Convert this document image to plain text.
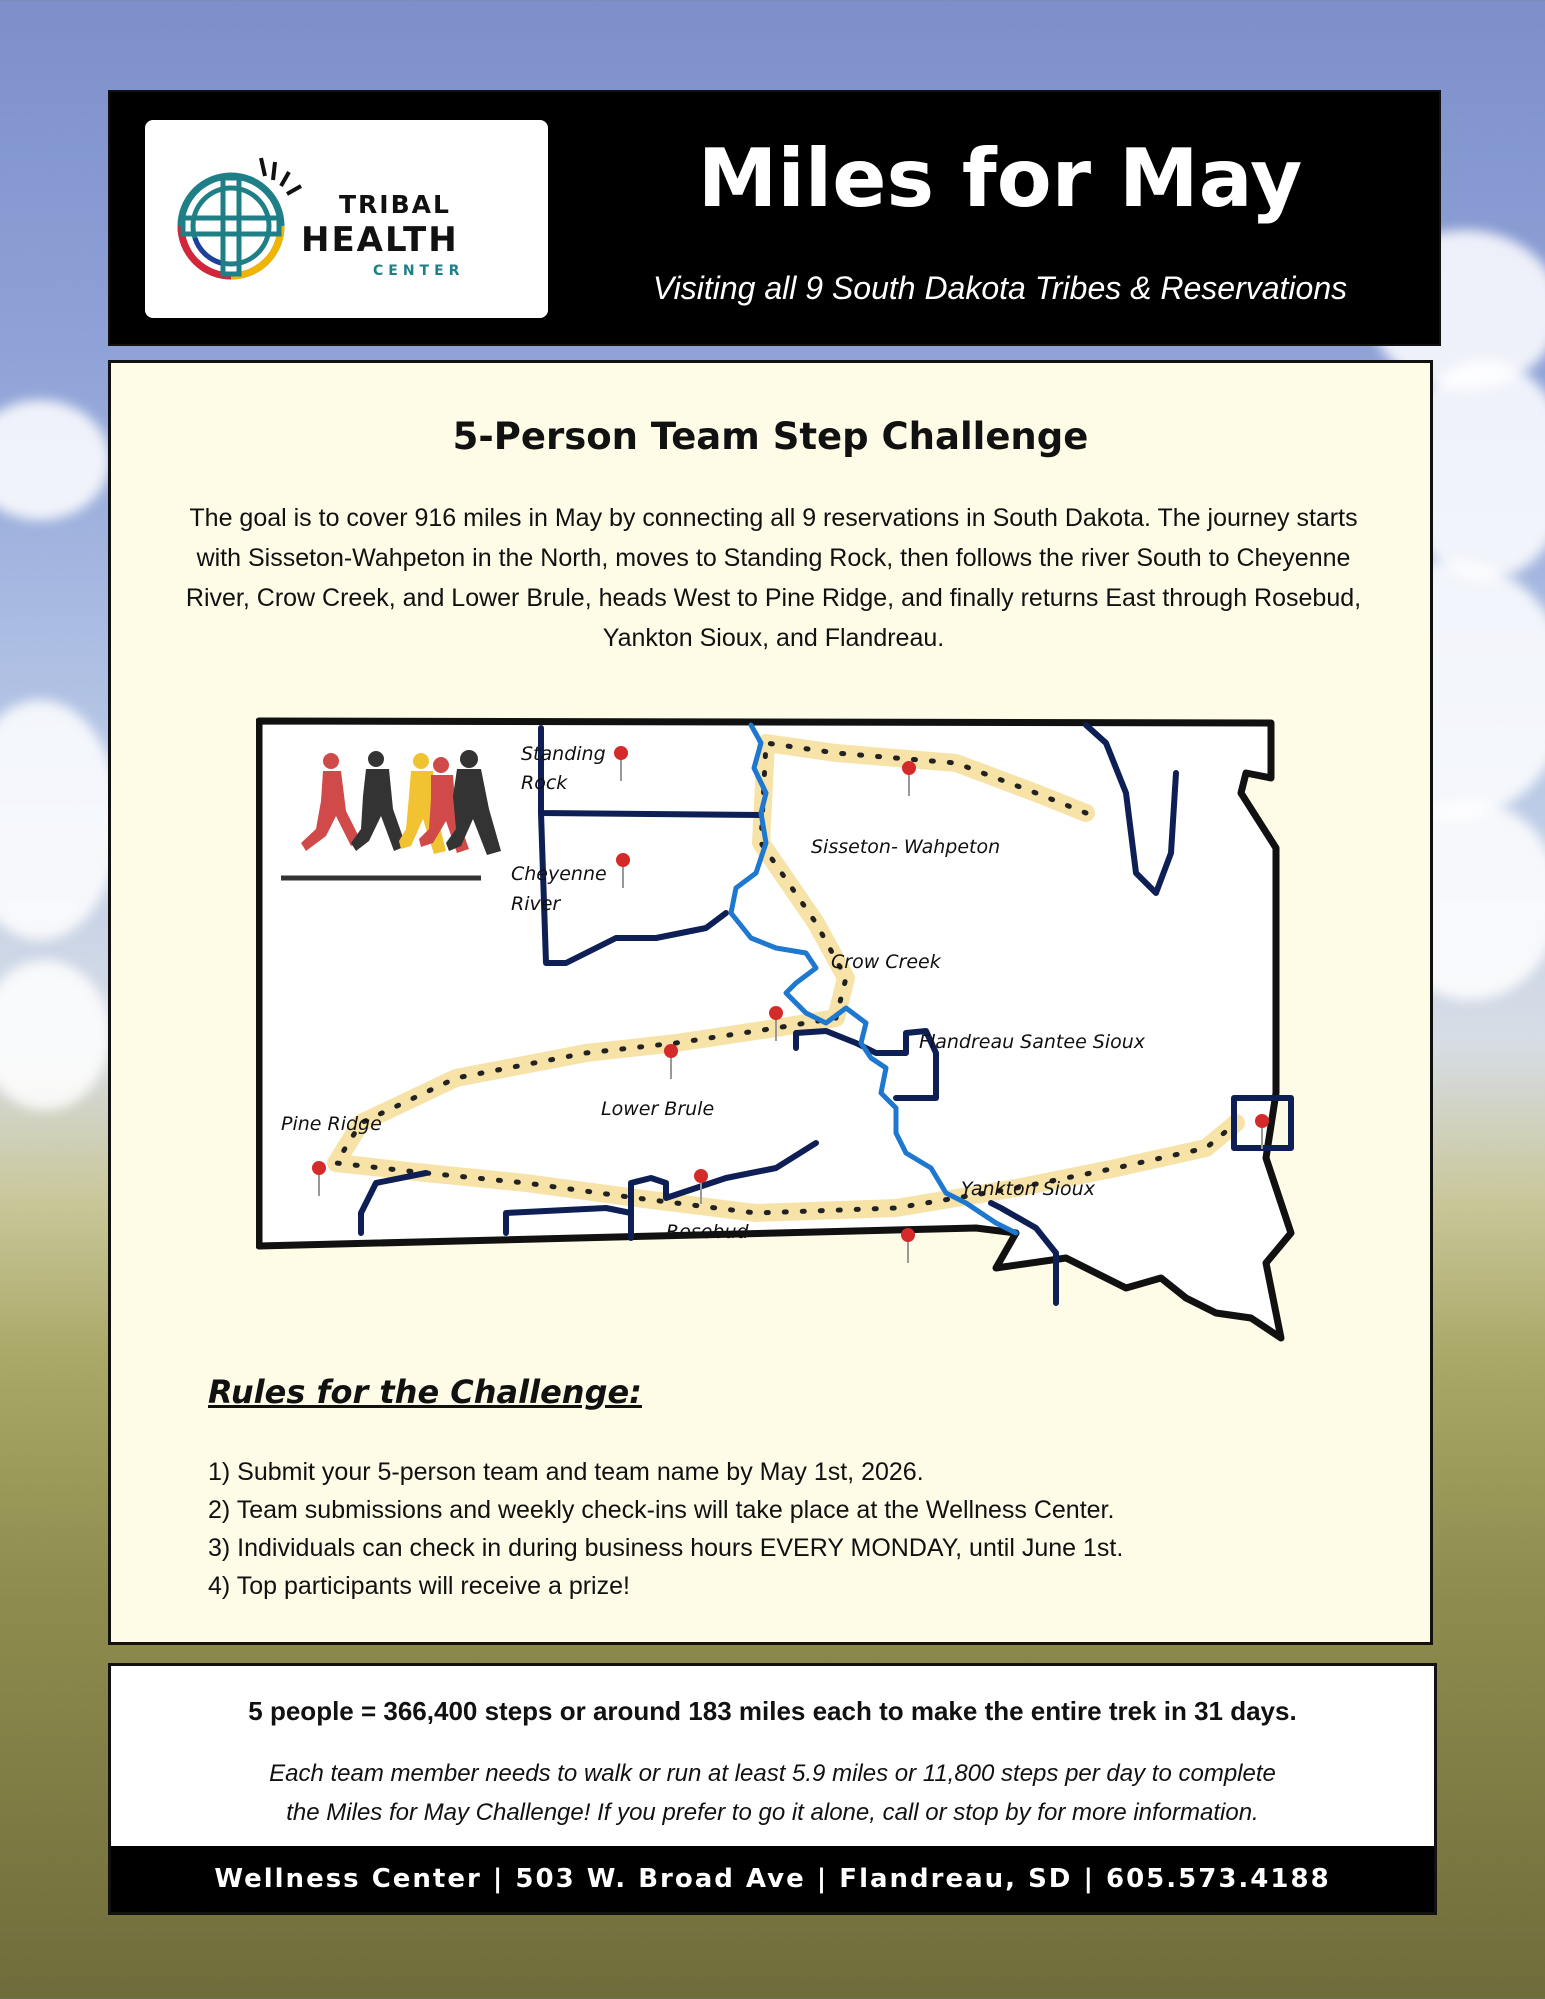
TRIBAL
HEALTH
CENTER
Miles for May
Visiting all 9 South Dakota Tribes & Reservations
5-Person Team Step Challenge
The goal is to cover 916 miles in May by connecting all 9 reservations in South Dakota. The journey starts with Sisseton-Wahpeton in the North, moves to Standing Rock, then follows the river South to Cheyenne River, Crow Creek, and Lower Brule, heads West to Pine Ridge, and finally returns East through Rosebud, Yankton Sioux, and Flandreau.
Standing
Rock
Sisseton- Wahpeton
Cheyenne
River
Crow Creek
Flandreau Santee Sioux
Lower Brule
Pine Ridge
Yankton Sioux
Rosebud
Rules for the Challenge:
1) Submit your 5-person team and team name by May 1st, 2026.
2) Team submissions and weekly check-ins will take place at the Wellness Center.
3) Individuals can check in during business hours EVERY MONDAY, until June 1st.
4) Top participants will receive a prize!
5 people = 366,400 steps or around 183 miles each to make the entire trek in 31 days.
Each team member needs to walk or run at least 5.9 miles or 11,800 steps per day to complete
the Miles for May Challenge! If you prefer to go it alone, call or stop by for more information.
Wellness Center | 503 W. Broad Ave | Flandreau, SD | 605.573.4188
